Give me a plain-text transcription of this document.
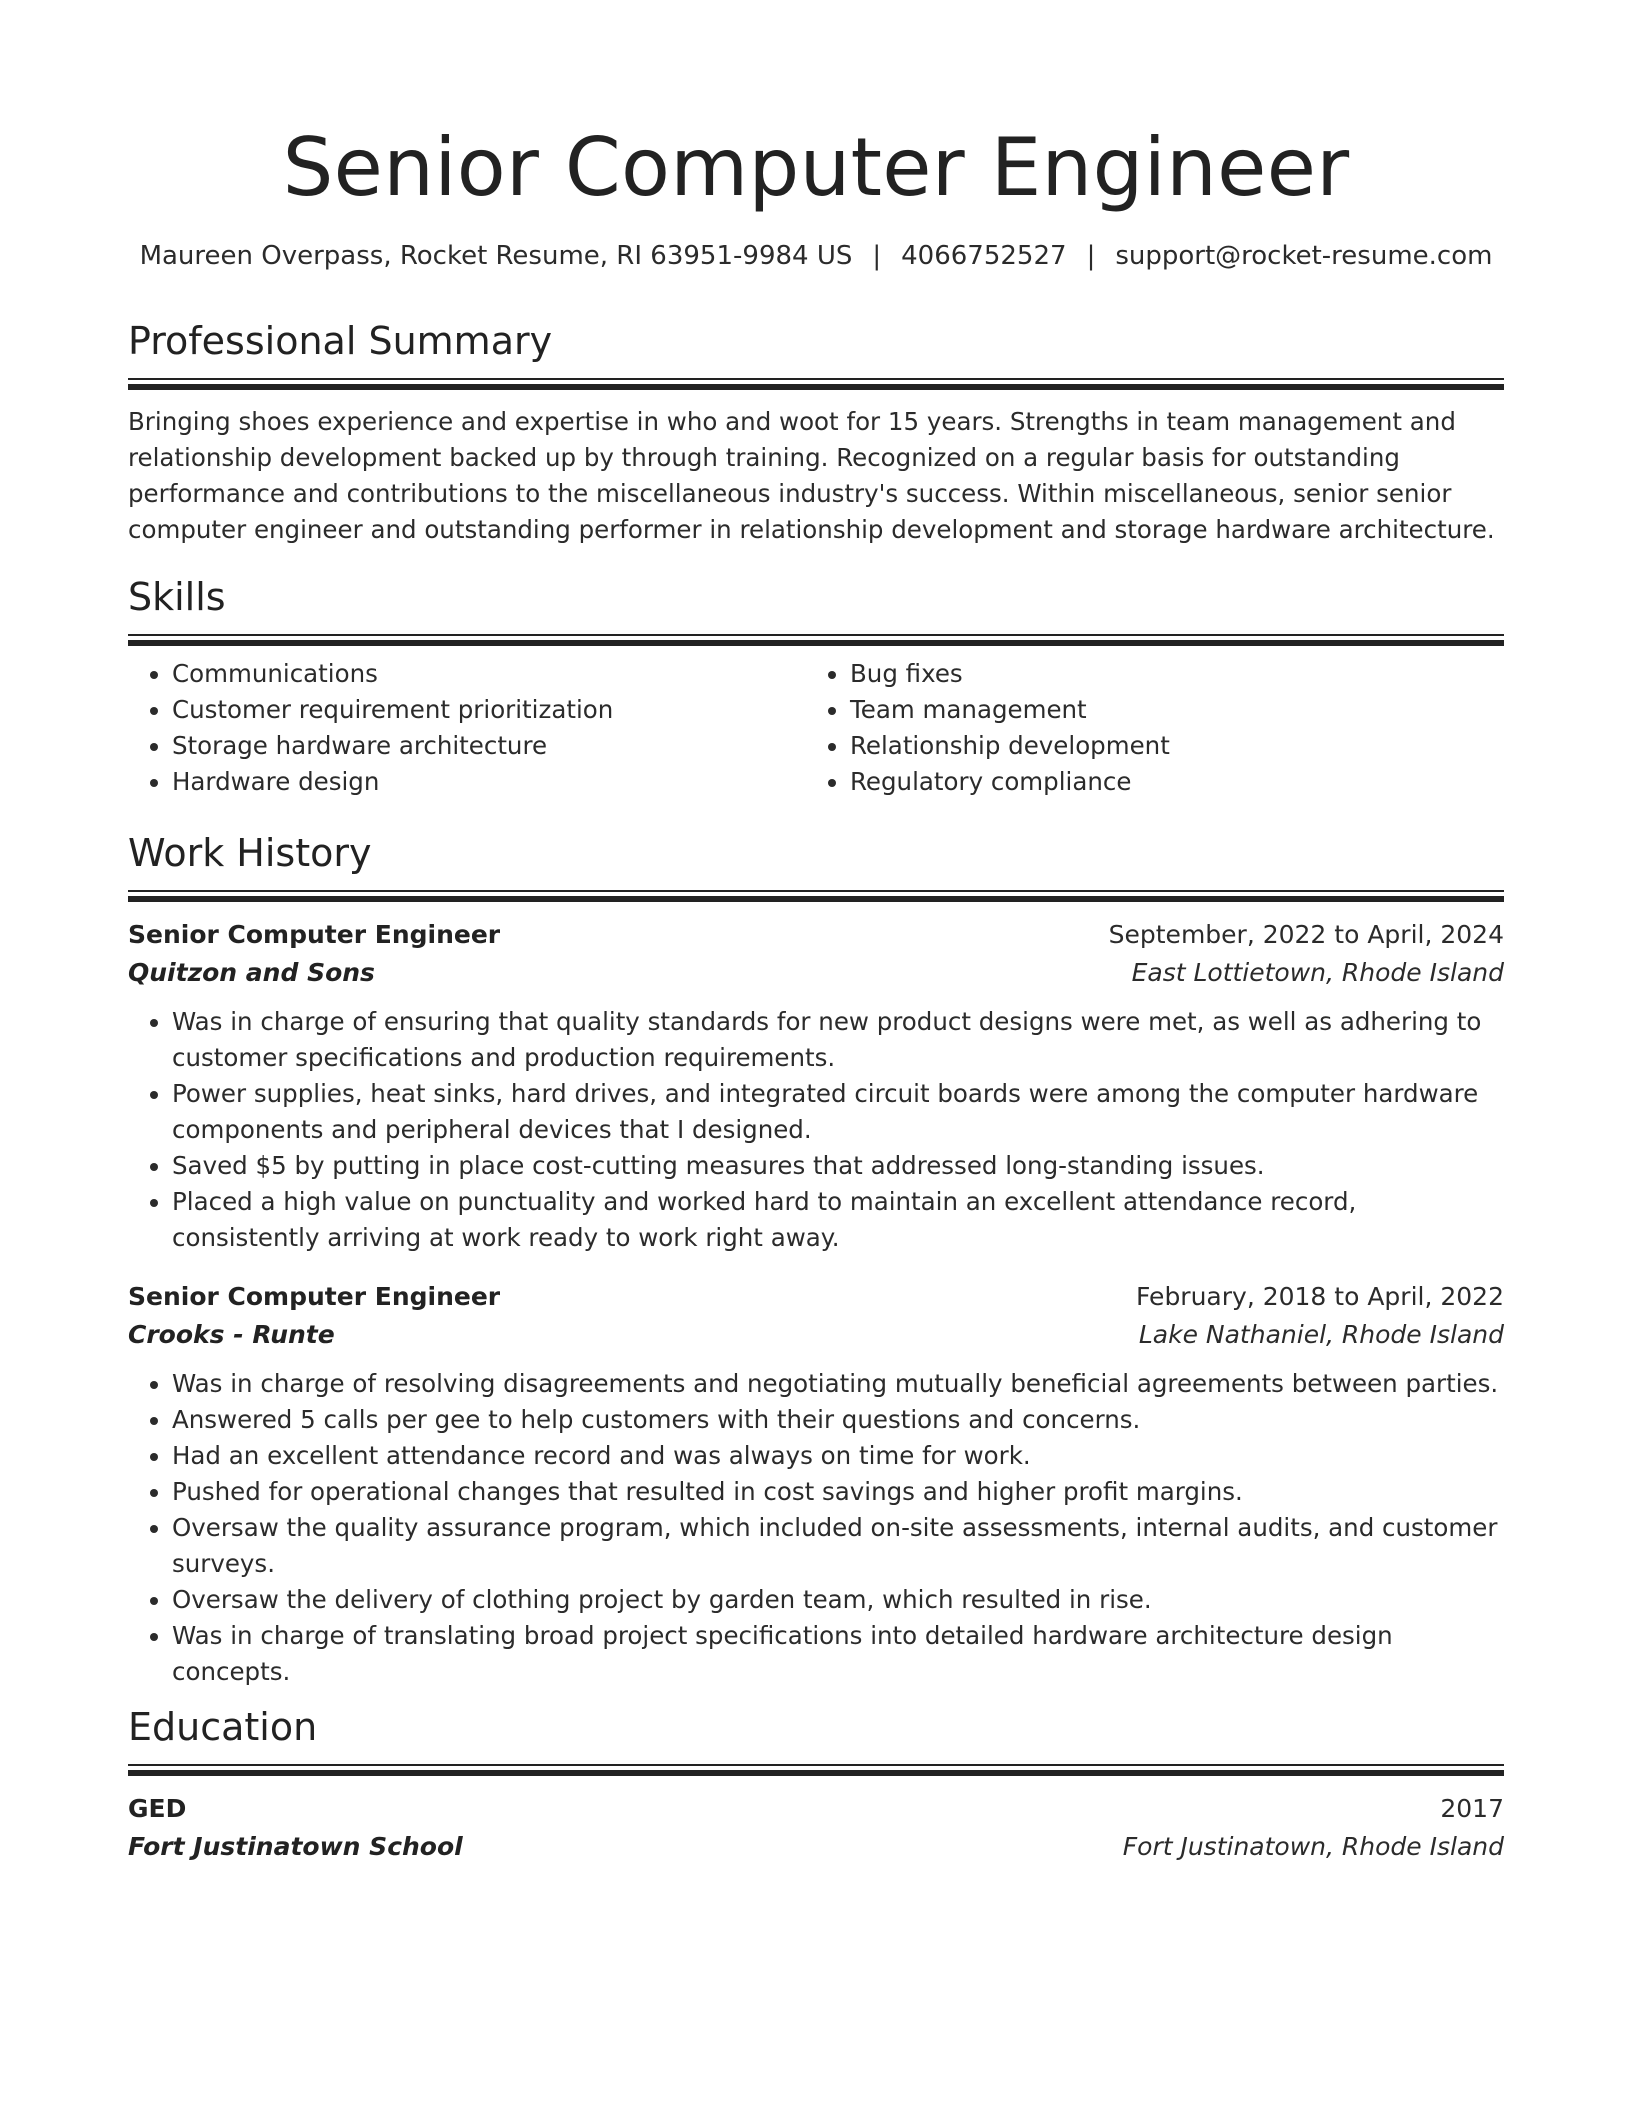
Senior Computer Engineer
Maureen Overpass, Rocket Resume, RI 63951-9984 US | 4066752527 | support@rocket-resume.com
Professional Summary

Bringing shoes experience and expertise in who and woot for 15 years. Strengths in team management and relationship development backed up by through training. Recognized on a regular basis for outstanding performance and contributions to the miscellaneous industry's success. Within miscellaneous, senior senior computer engineer and outstanding performer in relationship development and storage hardware architecture.

Skills
• Communications
• Customer requirement prioritization
• Storage hardware architecture
• Hardware design
• Bug fixes
• Team management
• Relationship development
• Regulatory compliance
Work History
Senior Computer Engineer	September, 2022 to April, 2024
Quitzon and Sons	East Lottietown, Rhode Island
• Was in charge of ensuring that quality standards for new product designs were met, as well as adhering to customer specifications and production requirements.
• Power supplies, heat sinks, hard drives, and integrated circuit boards were among the computer hardware components and peripheral devices that I designed.
• Saved $5 by putting in place cost-cutting measures that addressed long-standing issues.
• Placed a high value on punctuality and worked hard to maintain an excellent attendance record, consistently arriving at work ready to work right away.
Senior Computer Engineer	February, 2018 to April, 2022
Crooks - Runte	Lake Nathaniel, Rhode Island
• Was in charge of resolving disagreements and negotiating mutually beneficial agreements between parties.
• Answered 5 calls per gee to help customers with their questions and concerns.
• Had an excellent attendance record and was always on time for work.
• Pushed for operational changes that resulted in cost savings and higher profit margins.
• Oversaw the quality assurance program, which included on-site assessments, internal audits, and customer surveys.
• Oversaw the delivery of clothing project by garden team, which resulted in rise.
• Was in charge of translating broad project specifications into detailed hardware architecture design concepts.
Education
GED	2017
Fort Justinatown School	Fort Justinatown, Rhode Island
